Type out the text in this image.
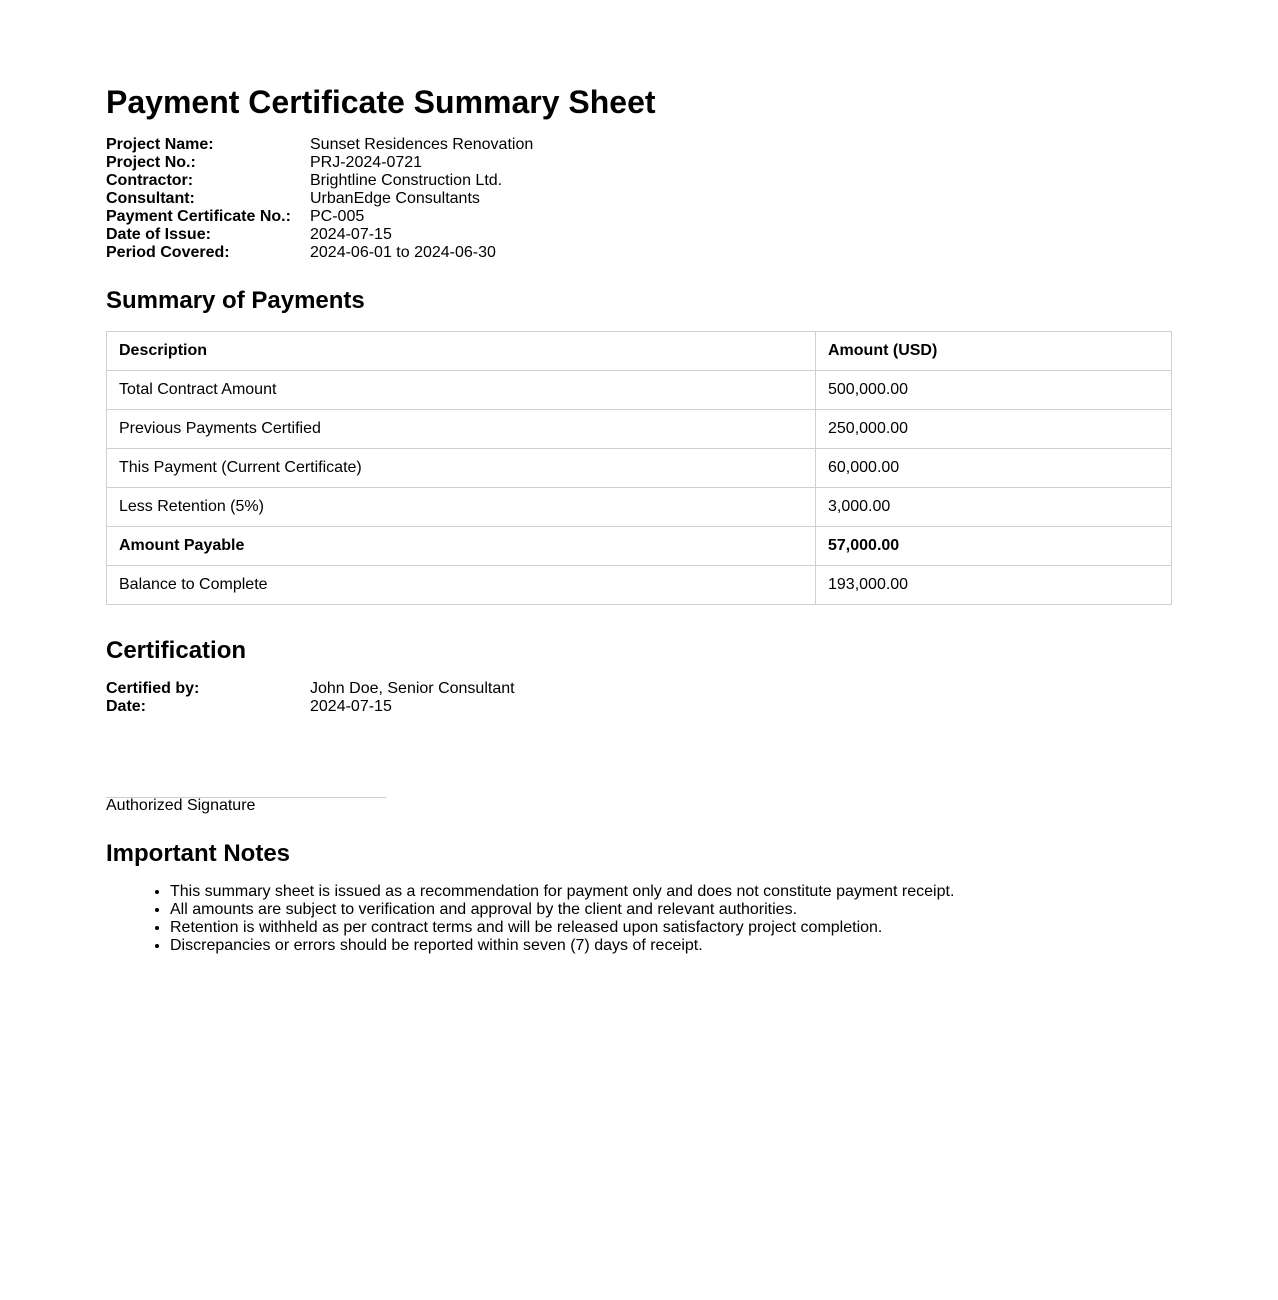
Payment Certificate Summary Sheet
Project Name:	Sunset Residences Renovation
Project No.:	PRJ-2024-0721
Contractor:	Brightline Construction Ltd.
Consultant:	UrbanEdge Consultants
Payment Certificate No.:	PC-005
Date of Issue:	2024-07-15
Period Covered:	2024-06-01 to 2024-06-30
Summary of Payments
Description	Amount (USD)
Total Contract Amount	500,000.00
Previous Payments Certified	250,000.00
This Payment (Current Certificate)	60,000.00
Less Retention (5%)	3,000.00
Amount Payable	57,000.00
Balance to Complete	193,000.00
Certification
Certified by:	John Doe, Senior Consultant
Date:	2024-07-15
Authorized Signature
Important Notes
• This summary sheet is issued as a recommendation for payment only and does not constitute payment receipt.
• All amounts are subject to verification and approval by the client and relevant authorities.
• Retention is withheld as per contract terms and will be released upon satisfactory project completion.
• Discrepancies or errors should be reported within seven (7) days of receipt.
